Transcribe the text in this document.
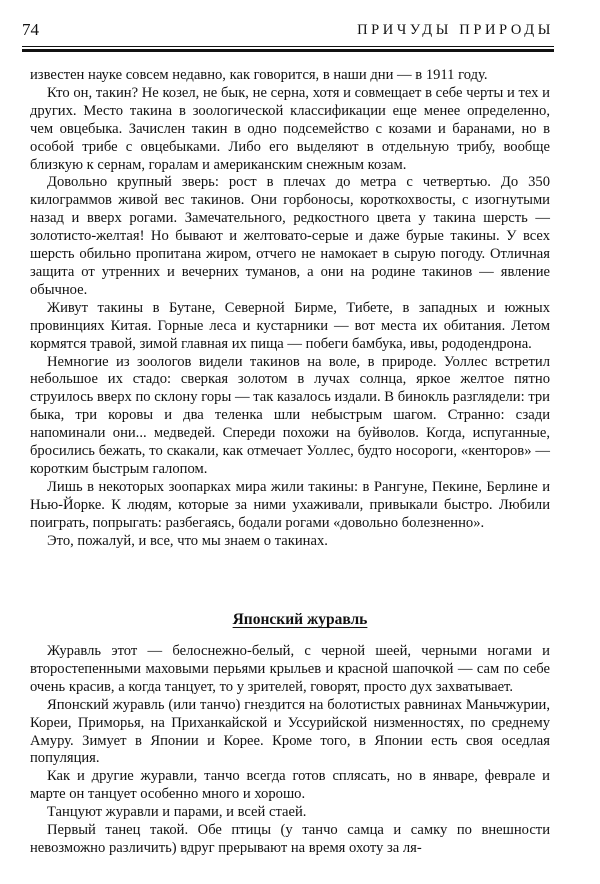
74	ПРИЧУДЫ ПРИРОДЫ

известен науке совсем недавно, как говорится, в наши дни — в 1911 году.

Кто он, такин? Не козел, не бык, не серна, хотя и совмещает в себе черты и тех и других. Место такина в зоологической классификации еще менее определенно, чем овцебыка. Зачислен такин в одно подсемейство с козами и баранами, но в особой трибе с овцебыками. Либо его выделяют в отдельную трибу, вообще близкую к сернам, горалам и американским снежным козам.

Довольно крупный зверь: рост в плечах до метра с четвертью. До 350 килограммов живой вес такинов. Они горбоносы, короткохвосты, с изогнутыми назад и вверх рогами. Замечательного, редкостного цвета у такина шерсть — золотисто-желтая! Но бывают и желтовато-серые и даже бурые такины. У всех шерсть обильно пропитана жиром, отчего не намокает в сырую погоду. Отличная защита от утренних и вечерних туманов, а они на родине такинов — явление обычное.

Живут такины в Бутане, Северной Бирме, Тибете, в западных и южных провинциях Китая. Горные леса и кустарники — вот места их обитания. Летом кормятся травой, зимой главная их пища — побеги бамбука, ивы, рододендрона.

Немногие из зоологов видели такинов на воле, в природе. Уоллес встретил небольшое их стадо: сверкая золотом в лучах солнца, яркое желтое пятно струилось вверх по склону горы — так казалось издали. В бинокль разглядели: три быка, три коровы и два теленка шли небыстрым шагом. Странно: сзади напоминали они... медведей. Спереди похожи на буйволов. Когда, испуганные, бросились бежать, то скакали, как отмечает Уоллес, будто носороги, «кенторов» — коротким быстрым галопом.

Лишь в некоторых зоопарках мира жили такины: в Рангуне, Пекине, Берлине и Нью-Йорке. К людям, которые за ними ухаживали, привыкали быстро. Любили поиграть, попрыгать: разбегаясь, бодали рогами «довольно болезненно».

Это, пожалуй, и все, что мы знаем о такинах.

Японский журавль

Журавль этот — белоснежно-белый, с черной шеей, черными ногами и второстепенными маховыми перьями крыльев и красной шапочкой — сам по себе очень красив, а когда танцует, то у зрителей, говорят, просто дух захватывает.

Японский журавль (или танчо) гнездится на болотистых равнинах Маньчжурии, Кореи, Приморья, на Приханкайской и Уссурийской низменностях, по среднему Амуру. Зимует в Японии и Корее. Кроме того, в Японии есть своя оседлая популяция.

Как и другие журавли, танчо всегда готов сплясать, но в январе, феврале и марте он танцует особенно много и хорошо.

Танцуют журавли и парами, и всей стаей.

Первый танец такой. Обе птицы (у танчо самца и самку по внешности невозможно различить) вдруг прерывают на время охоту за ля-
